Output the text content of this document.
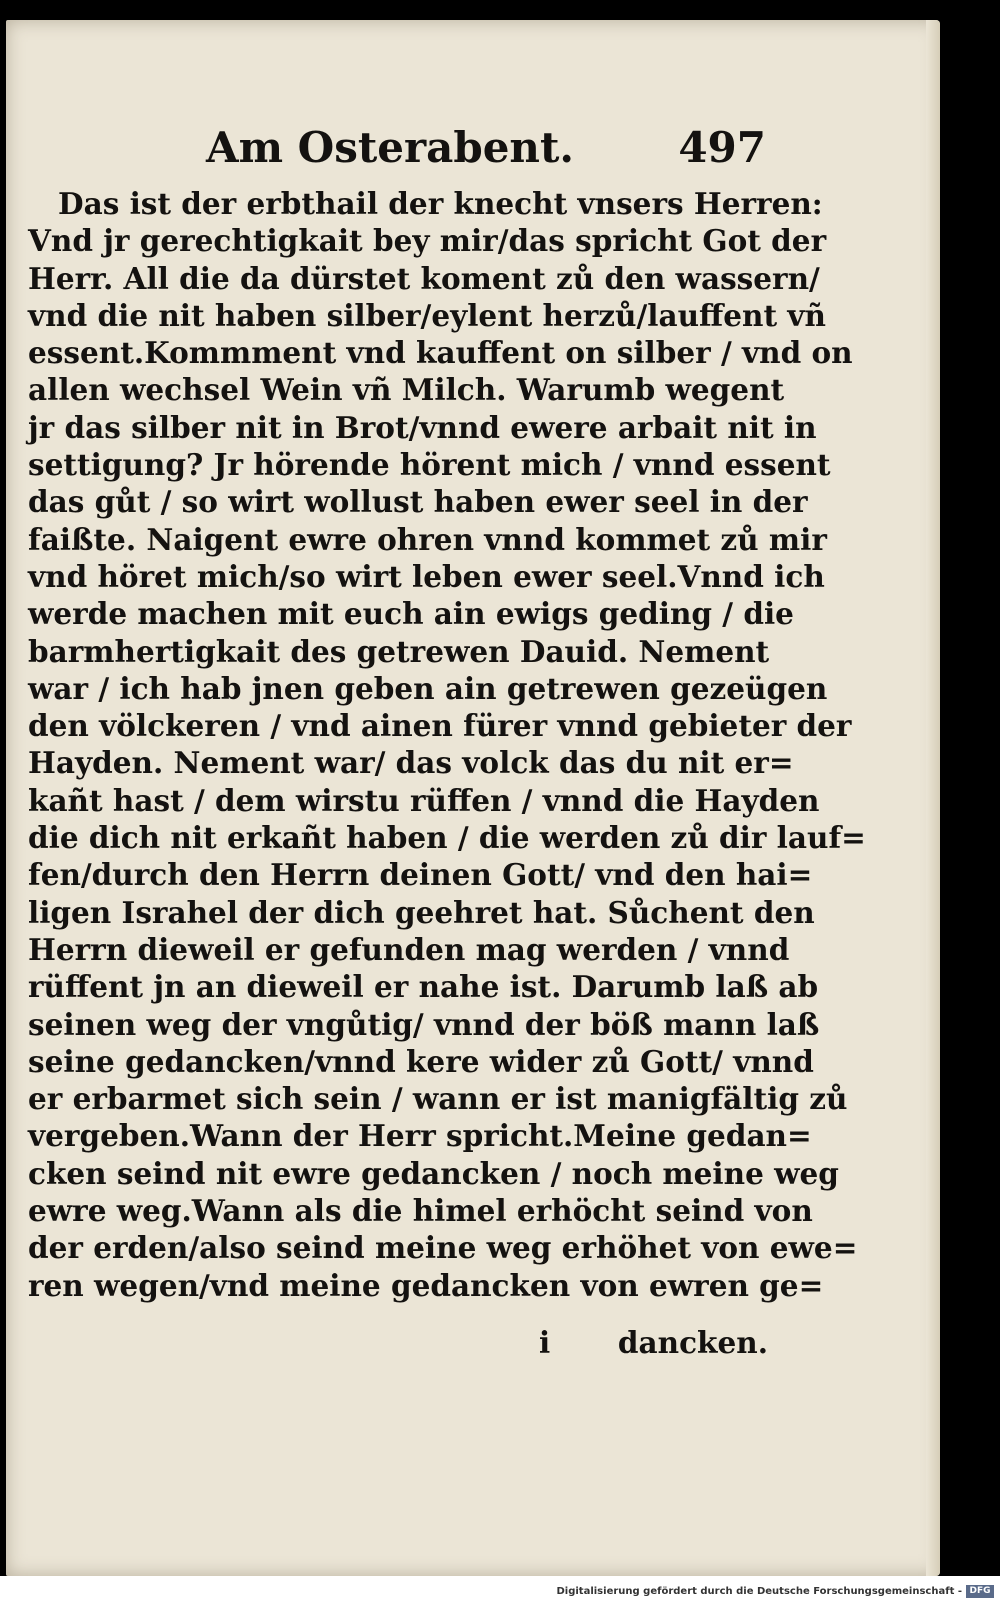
Am Osterabent. 497
Das ist der erbthail der knecht vnsers Herren:
Vnd jr gerechtigkait bey mir/das spricht Got der
Herr. All die da dürstet koment zů den wassern/
vnd die nit haben silber/eylent herzů/lauffent vñ
essent.Kommment vnd kauffent on silber / vnd on
allen wechsel Wein vñ Milch. Warumb wegent
jr das silber nit in Brot/vnnd ewere arbait nit in
settigung? Jr hörende hörent mich / vnnd essent
das gůt / so wirt wollust haben ewer seel in der
faißte. Naigent ewre ohren vnnd kommet zů mir
vnd höret mich/so wirt leben ewer seel.Vnnd ich
werde machen mit euch ain ewigs geding / die
barmhertigkait des getrewen Dauid. Nement
war / ich hab jnen geben ain getrewen gezeügen
den völckeren / vnd ainen fürer vnnd gebieter der
Hayden. Nement war/ das volck das du nit er=
kañt hast / dem wirstu rüffen / vnnd die Hayden
die dich nit erkañt haben / die werden zů dir lauf=
fen/durch den Herrn deinen Gott/ vnd den hai=
ligen Israhel der dich geehret hat. Sůchent den
Herrn dieweil er gefunden mag werden / vnnd
rüffent jn an dieweil er nahe ist. Darumb laß ab
seinen weg der vngůtig/ vnnd der böß mann laß
seine gedancken/vnnd kere wider zů Gott/ vnnd
er erbarmet sich sein / wann er ist manigfältig zů
vergeben.Wann der Herr spricht.Meine gedan=
cken seind nit ewre gedancken / noch meine weg
ewre weg.Wann als die himel erhöcht seind von
der erden/also seind meine weg erhöhet von ewe=
ren wegen/vnd meine gedancken von ewren ge=
i dancken.
Digitalisierung gefördert durch die Deutsche Forschungsgemeinschaft - DFG
